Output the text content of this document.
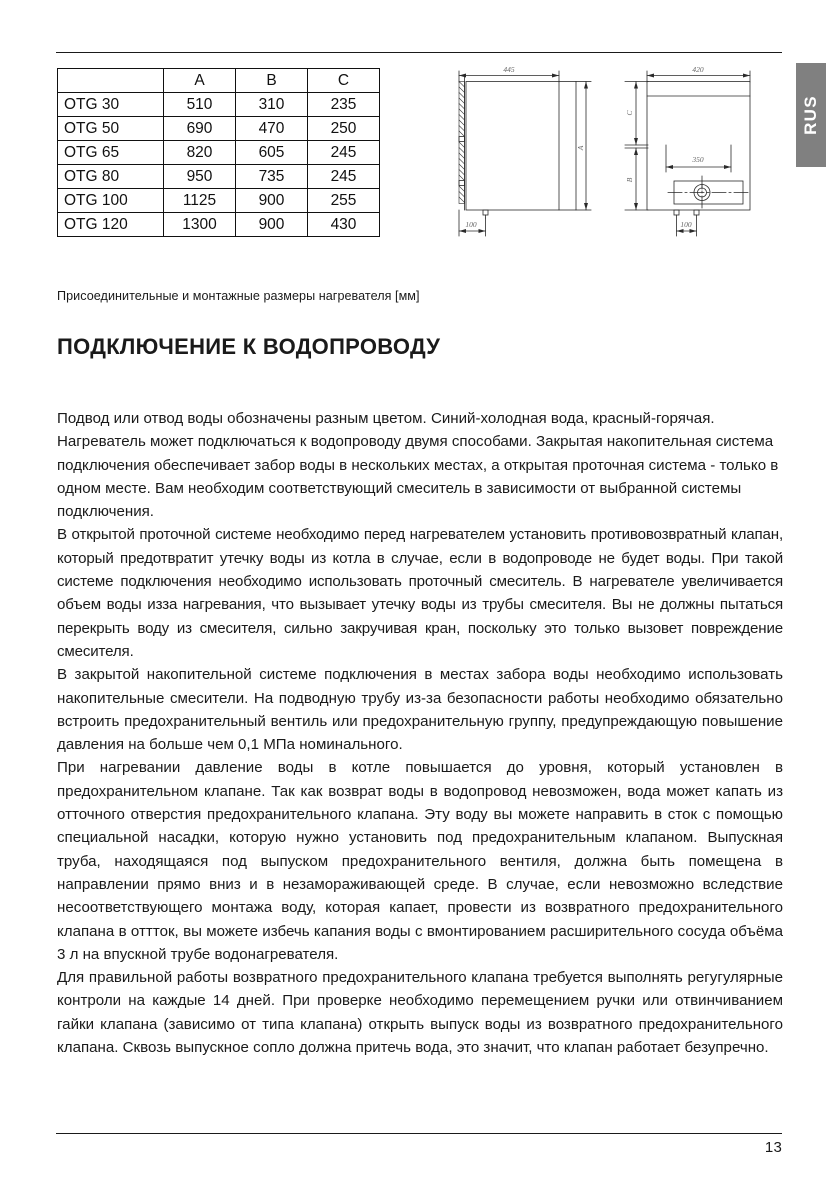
RUS
	A	B	C
OTG 30	510	310	235
OTG 50	690	470	250
OTG 65	820	605	245
OTG 80	950	735	245
OTG 100	1125	900	255
OTG 120	1300	900	430
445
A
100
420
C
B
350
100
Присоединительные и монтажные размеры нагревателя [мм]
ПОДКЛЮЧЕНИЕ К ВОДОПРОВОДУ

Подвод или отвод воды обозначены разным цветом. Синий-холодная вода, красный-горячая. Нагреватель может подключаться к водопроводу двумя способами. Закрытая накопительная система подключения обеспечивает забор воды в нескольких местах, а открытая проточная система - только в одном месте. Вам необходим соответствующий смеситель в зависимости от выбранной системы подключения.

В открытой проточной системе необходимо перед нагревателем установить противовозвратный клапан, который предотвратит утечку воды из котла в случае, если в водопроводе не будет воды. При такой системе подключения необходимо использовать проточный смеситель. В нагревателе увеличивается объем воды изза нагревания, что вызывает утечку воды из трубы смесителя. Вы не должны пытаться перекрыть воду из смесителя, сильно закручивая кран, поскольку это только вызовет повреждение смесителя.

В закрытой накопительной системе подключения в местах забора воды необходимо использовать накопительные смесители. На подводную трубу из-за безопасности работы необходимо обязательно встроить предохранительный вентиль или предохранительную группу, предупреждающую повышение давления на больше чем 0,1 МПа номинального.

При нагревании давление воды в котле повышается до уровня, который установлен в предохранительном клапане. Так как возврат воды в водопровод невозможен, вода может капать из отточного отверстия предохранительного клапана. Эту воду вы можете направить в сток с помощью специальной насадки, которую нужно установить под предохранительным клапаном. Выпускная труба, находящаяся под выпуском предохранительного вентиля, должна быть помещена в направлении прямо вниз и в незамораживающей среде. В случае, если невозможно вследствие несоответствующего монтажа воду, которая капает, провести из возвратного предохранительного клапана в оттток, вы можете избечь капания воды с вмонтированием расширительного сосуда объёма 3 л на впускной трубе водонагревателя.

Для правильной работы возвратного предохранительного клапана требуется выполнять регугулярные контроли на каждые 14 дней. При проверке необходимо перемещением ручки или отвинчиванием гайки клапана (зависимо от типа клапана) открыть выпуск воды из возвратного предохранительного клапана. Сквозь выпускное сопло должна притечь вода, это значит, что клапан работает безупречно.

13
